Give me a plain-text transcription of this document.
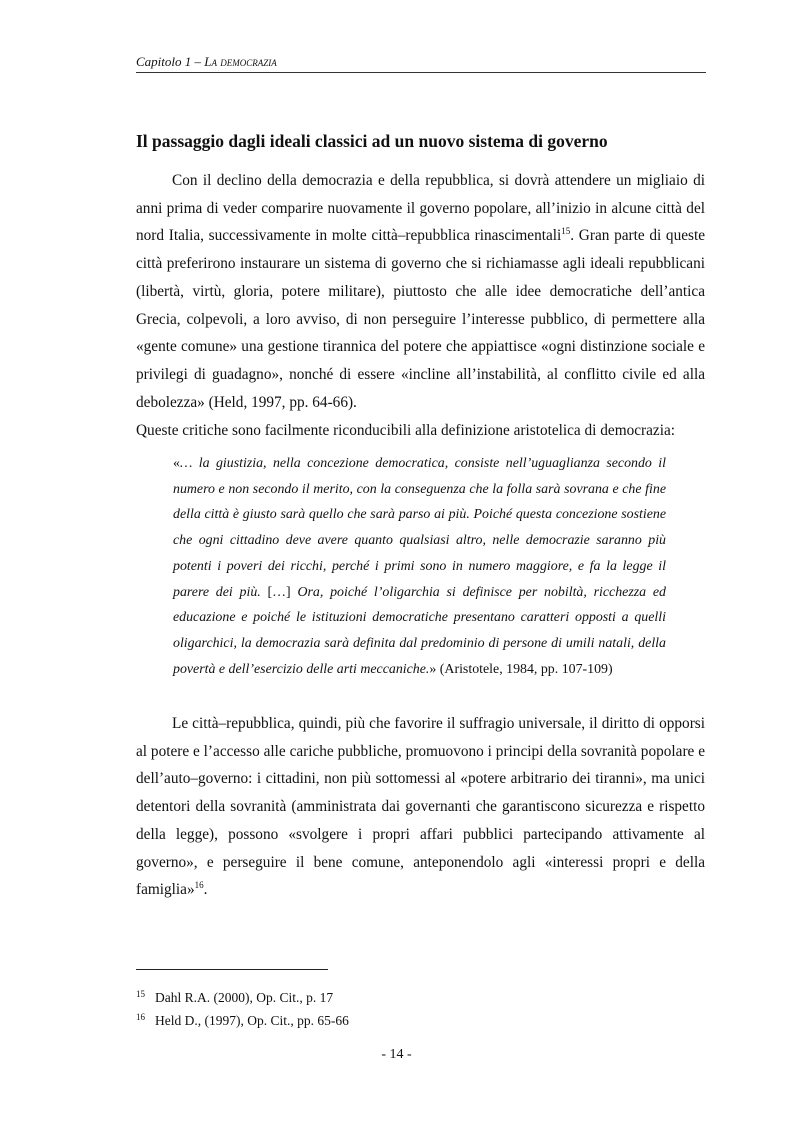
Capitolo 1 – La democrazia
Il passaggio dagli ideali classici ad un nuovo sistema di governo

Con il declino della democrazia e della repubblica, si dovrà attendere un migliaio di anni prima di veder comparire nuovamente il governo popolare, all’inizio in alcune città del nord Italia, successivamente in molte città–repubblica rinascimentali$^{15}$. Gran parte di queste città preferirono instaurare un sistema di governo che si richiamasse agli ideali repubblicani (libertà, virtù, gloria, potere militare), piuttosto che alle idee democratiche dell’antica Grecia, colpevoli, a loro avviso, di non perseguire l’interesse pubblico, di permettere alla «gente comune» una gestione tirannica del potere che appiattisce «ogni distinzione sociale e privilegi di guadagno», nonché di essere «incline all’instabilità, al conflitto civile ed alla debolezza» (Held, 1997, pp. 64-66).

Queste critiche sono facilmente riconducibili alla definizione aristotelica di democrazia:

«… la giustizia, nella concezione democratica, consiste nell’uguaglianza secondo il numero e non secondo il merito, con la conseguenza che la folla sarà sovrana e che fine della città è giusto sarà quello che sarà parso ai più. Poiché questa concezione sostiene che ogni cittadino deve avere quanto qualsiasi altro, nelle democrazie saranno più potenti i poveri dei ricchi, perché i primi sono in numero maggiore, e fa la legge il parere dei più. […] Ora, poiché l’oligarchia si definisce per nobiltà, ricchezza ed educazione e poiché le istituzioni democratiche presentano caratteri opposti a quelli oligarchici, la democrazia sarà definita dal predominio di persone di umili natali, della povertà e dell’esercizio delle arti meccaniche.» (Aristotele, 1984, pp. 107-109)

Le città–repubblica, quindi, più che favorire il suffragio universale, il diritto di opporsi al potere e l’accesso alle cariche pubbliche, promuovono i principi della sovranità popolare e dell’auto–governo: i cittadini, non più sottomessi al «potere arbitrario dei tiranni», ma unici detentori della sovranità (amministrata dai governanti che garantiscono sicurezza e rispetto della legge), possono «svolgere i propri affari pubblici partecipando attivamente al governo», e perseguire il bene comune, anteponendolo agli «interessi propri e della famiglia»$^{16}$.

15 Dahl R.A. (2000), Op. Cit., p. 17
16 Held D., (1997), Op. Cit., pp. 65-66
- 14 -
